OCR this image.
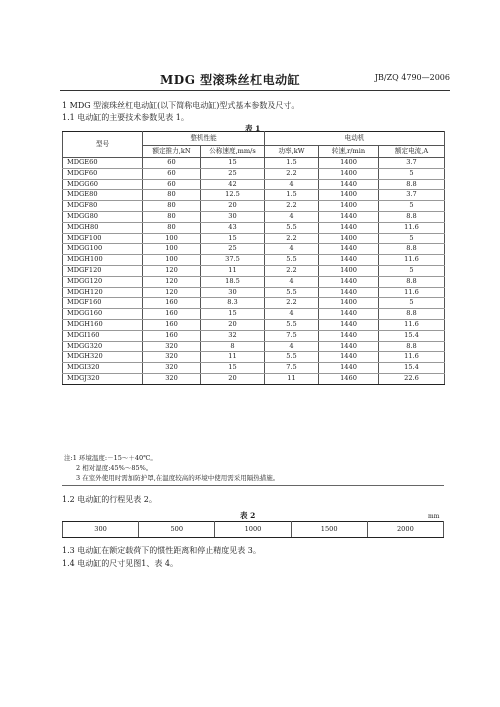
MDG 型滚珠丝杠电动缸	JB/ZQ 4790—2006
1 MDG 型滚珠丝杠电动缸(以下简称电动缸)型式基本参数及尺寸。
1.1 电动缸的主要技术参数见表 1。
表 1
型号	整机性能		电动机		
	额定推力,kN	公称速度,mm/s	功率,kW	转速,r/min	额定电流,A
MDGE60	60	15	1.5	1400	3.7
MDGF60	60	25	2.2	1400	5
MDGG60	60	42	4	1440	8.8
MDGE80	80	12.5	1.5	1400	3.7
MDGF80	80	20	2.2	1400	5
MDGG80	80	30	4	1440	8.8
MDGH80	80	43	5.5	1440	11.6
MDGF100	100	15	2.2	1400	5
MDGG100	100	25	4	1440	8.8
MDGH100	100	37.5	5.5	1440	11.6
MDGF120	120	11	2.2	1400	5
MDGG120	120	18.5	4	1440	8.8
MDGH120	120	30	5.5	1440	11.6
MDGF160	160	8.3	2.2	1400	5
MDGG160	160	15	4	1440	8.8
MDGH160	160	20	5.5	1440	11.6
MDGI160	160	32	7.5	1440	15.4
MDGG320	320	8	4	1440	8.8
MDGH320	320	11	5.5	1440	11.6
MDGI320	320	15	7.5	1440	15.4
MDGJ320	320	20	11	1460	22.6
注:1 环境温度:－15～＋40℃。
2 相对湿度:45%～85%。
3 在室外使用时需加防护罩,在温度较高的环境中使用需采用隔热措施。
1.2 电动缸的行程见表 2。
表 2	mm
300	500	1000	1500	2000
1.3 电动缸在额定载荷下的惯性距离和停止精度见表 3。
1.4 电动缸的尺寸见图1、表 4。
